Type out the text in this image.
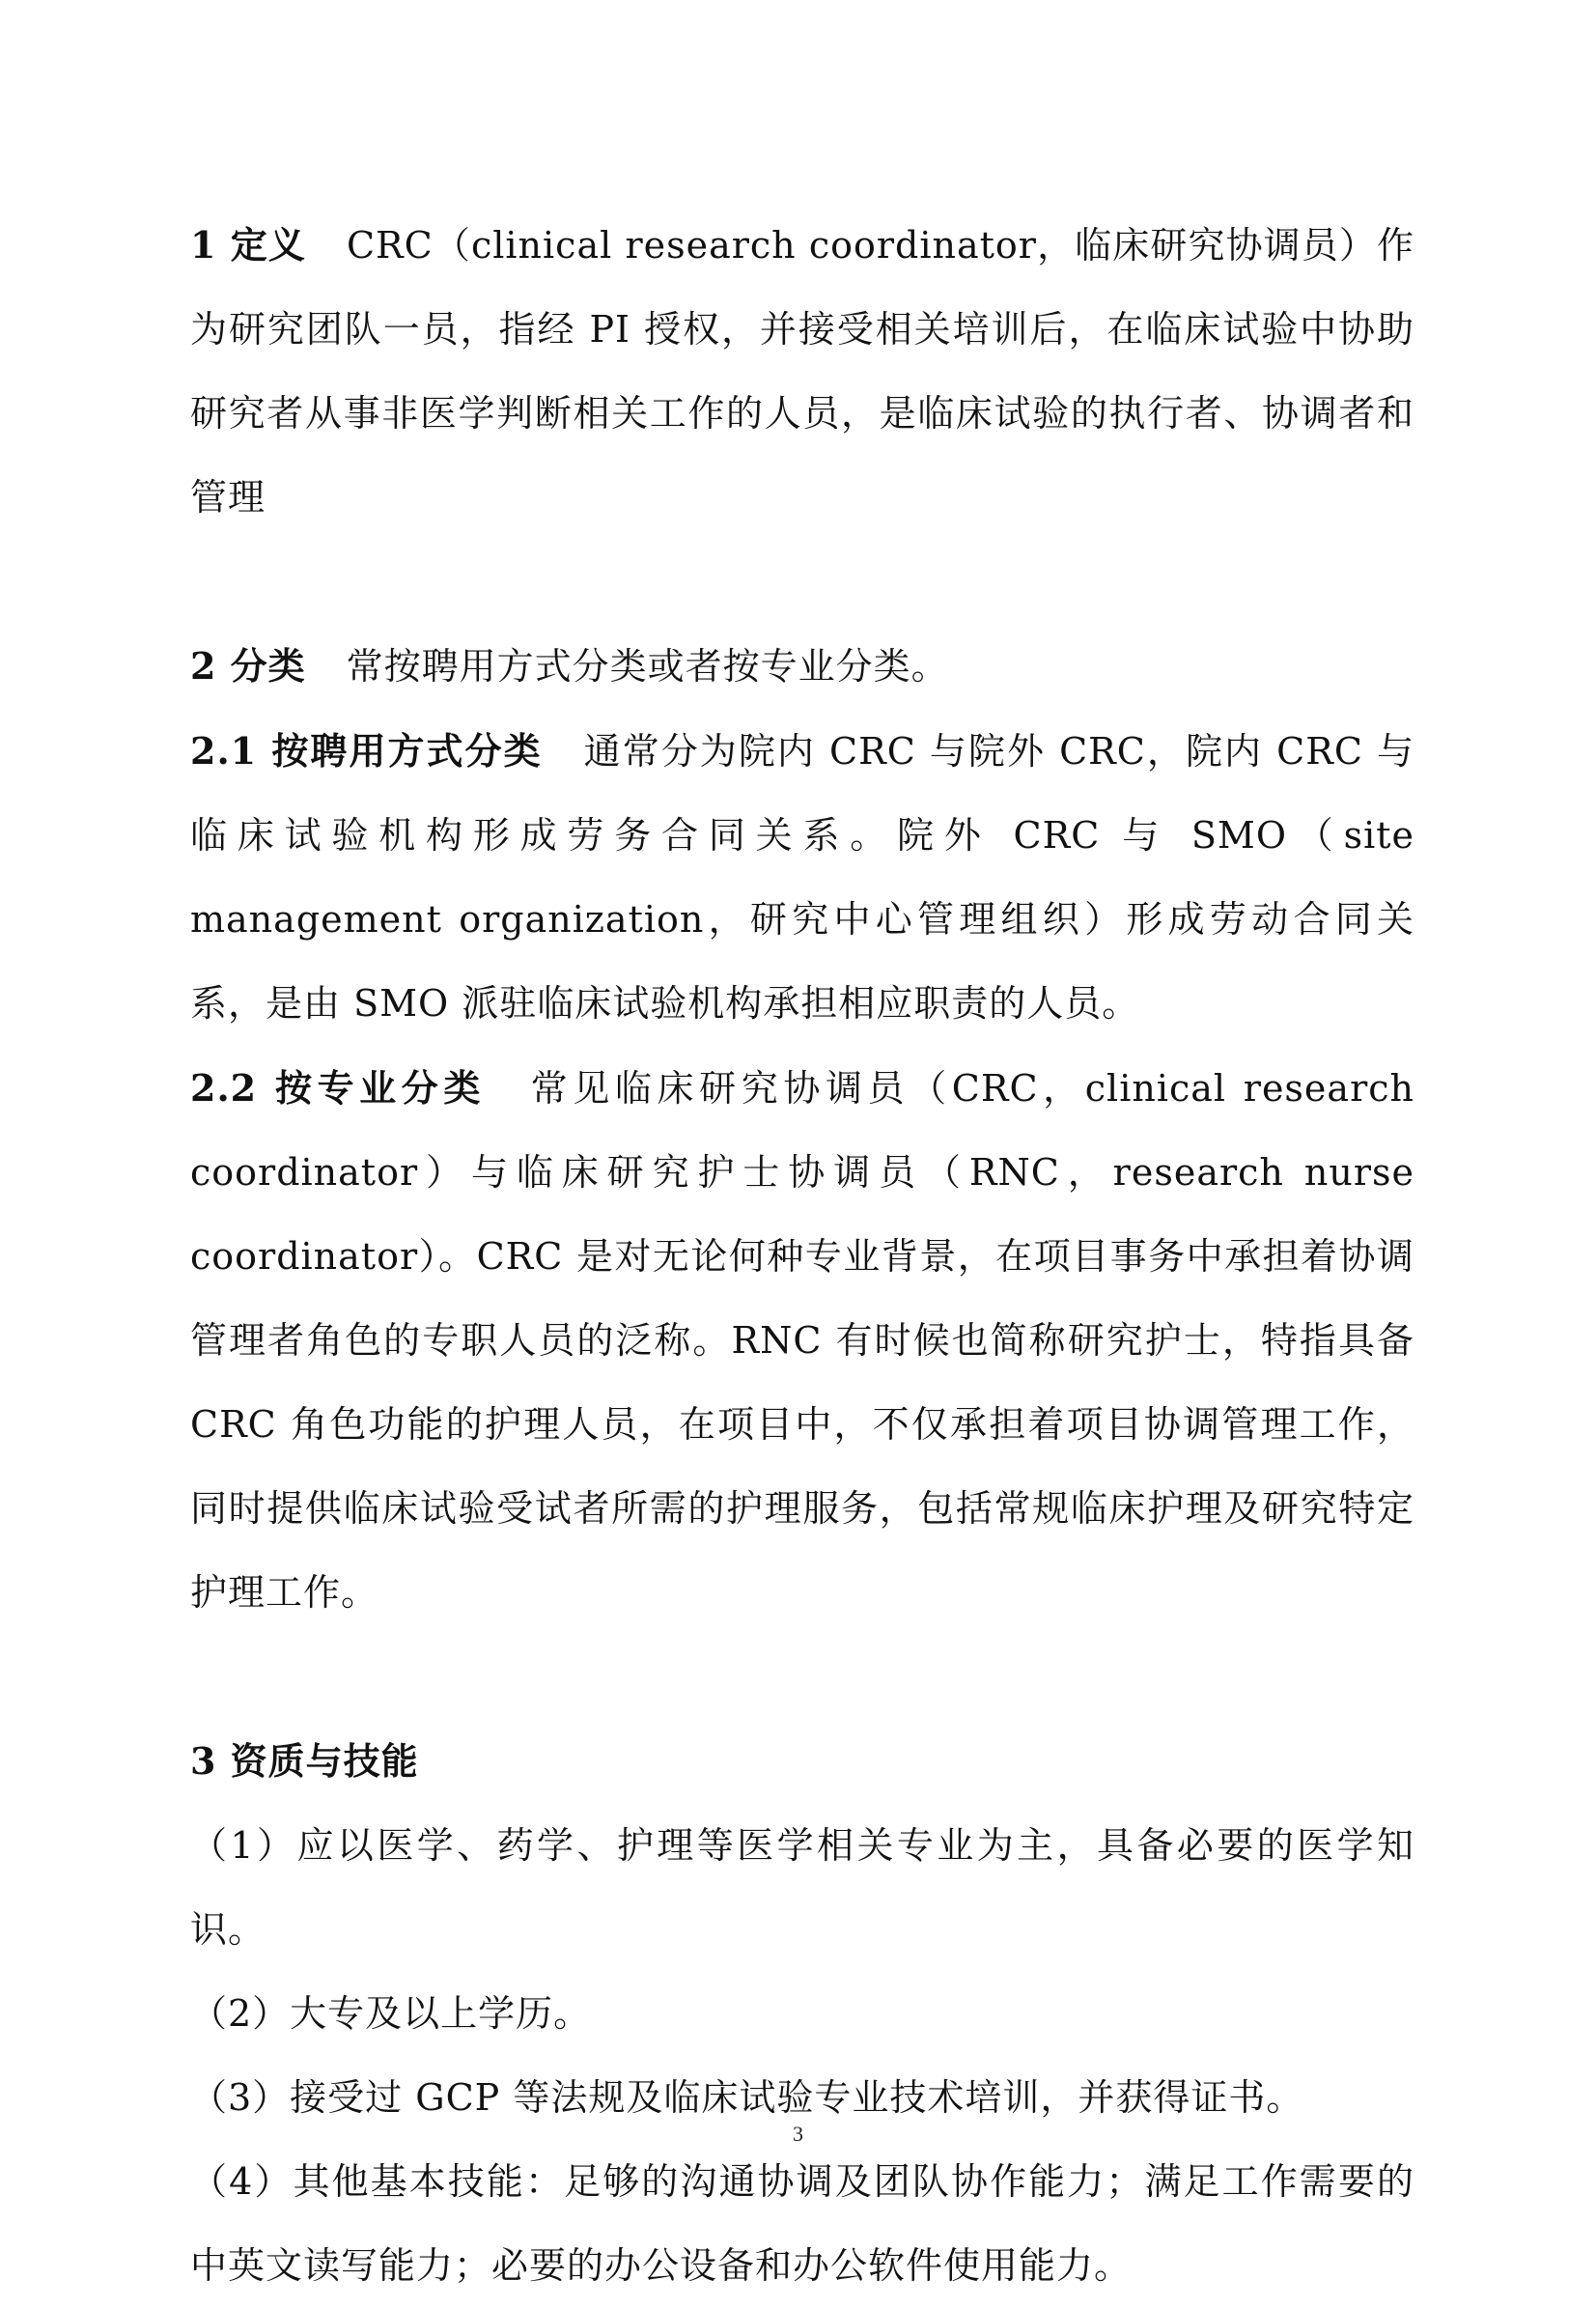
1 定义 CRC（clinical research coordinator，临床研究协调员）作为研究团队一员，指经 PI 授权，并接受相关培训后，在临床试验中协助研究者从事非医学判断相关工作的人员，是临床试验的执行者、协调者和管理

2 分类 常按聘用方式分类或者按专业分类。

2.1 按聘用方式分类 通常分为院内 CRC 与院外 CRC，院内 CRC 与临床试验机构形成劳务合同关系。院外 CRC 与 SMO（site management organization，研究中心管理组织）形成劳动合同关系，是由 SMO 派驻临床试验机构承担相应职责的人员。

2.2 按专业分类 常见临床研究协调员（CRC，clinical research coordinator）与临床研究护士协调员（RNC，research nurse coordinator）。CRC 是对无论何种专业背景，在项目事务中承担着协调管理者角色的专职人员的泛称。RNC 有时候也简称研究护士，特指具备 CRC 角色功能的护理人员，在项目中，不仅承担着项目协调管理工作，同时提供临床试验受试者所需的护理服务，包括常规临床护理及研究特定护理工作。

3 资质与技能

（1）应以医学、药学、护理等医学相关专业为主，具备必要的医学知识。

（2）大专及以上学历。

（3）接受过 GCP 等法规及临床试验专业技术培训，并获得证书。

（4）其他基本技能：足够的沟通协调及团队协作能力；满足工作需要的中英文读写能力；必要的办公设备和办公软件使用能力。

3
